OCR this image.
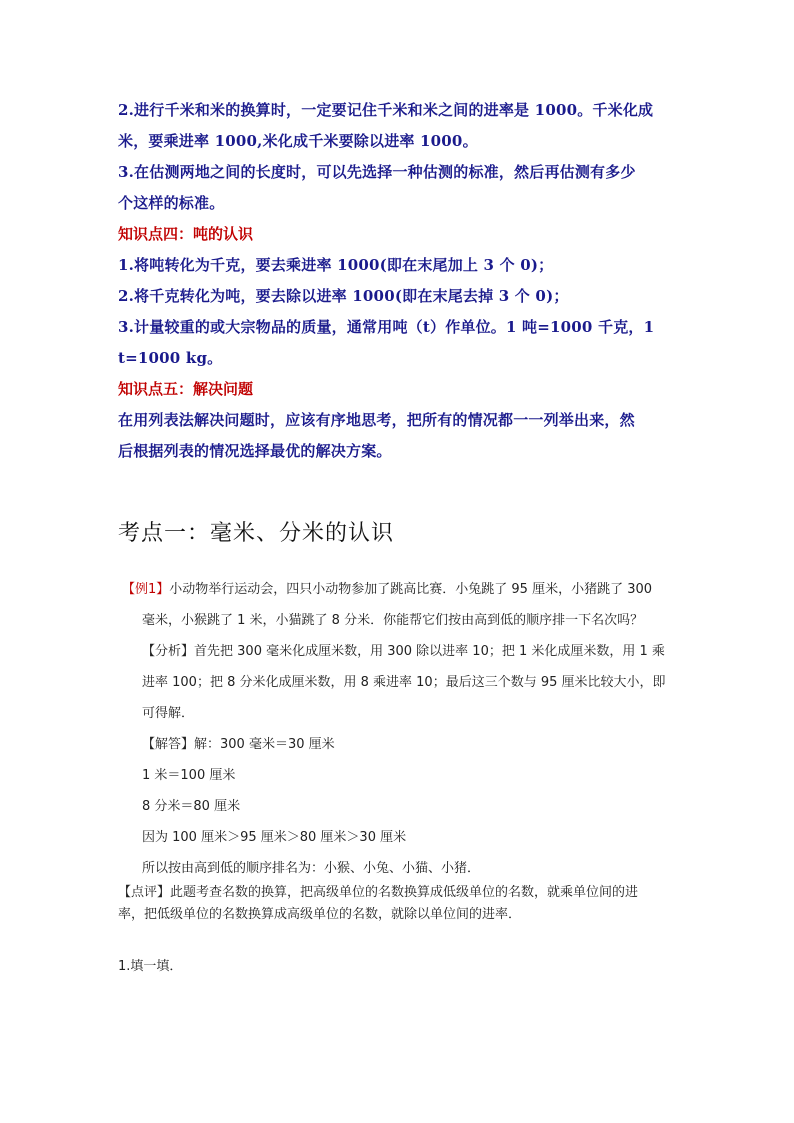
2.进行千米和米的换算时，一定要记住千米和米之间的进率是 1000。千米化成

米，要乘进率 1000,米化成千米要除以进率 1000。

3.在估测两地之间的长度时，可以先选择一种估测的标准，然后再估测有多少

个这样的标准。

知识点四：吨的认识

1.将吨转化为千克，要去乘进率 1000(即在末尾加上 3 个 0)；

2.将千克转化为吨，要去除以进率 1000(即在末尾去掉 3 个 0)；

3.计量较重的或大宗物品的质量，通常用吨（t）作单位。1 吨=1000 千克，1

t=1000 kg。

知识点五：解决问题

在用列表法解决问题时，应该有序地思考，把所有的情况都一一列举出来，然

后根据列表的情况选择最优的解决方案。

考点一：毫米、分米的认识

【例1】小动物举行运动会，四只小动物参加了跳高比赛．小兔跳了 95 厘米，小猪跳了 300

毫米，小猴跳了 1 米，小猫跳了 8 分米．你能帮它们按由高到低的顺序排一下名次吗？

【分析】首先把 300 毫米化成厘米数，用 300 除以进率 10；把 1 米化成厘米数，用 1 乘

进率 100；把 8 分米化成厘米数，用 8 乘进率 10；最后这三个数与 95 厘米比较大小，即

可得解．

【解答】解：300 毫米＝30 厘米

1 米＝100 厘米

8 分米＝80 厘米

因为 100 厘米＞95 厘米＞80 厘米＞30 厘米

所以按由高到低的顺序排名为：小猴、小兔、小猫、小猪．

【点评】此题考查名数的换算，把高级单位的名数换算成低级单位的名数，就乘单位间的进

率，把低级单位的名数换算成高级单位的名数，就除以单位间的进率．

1.填一填．
